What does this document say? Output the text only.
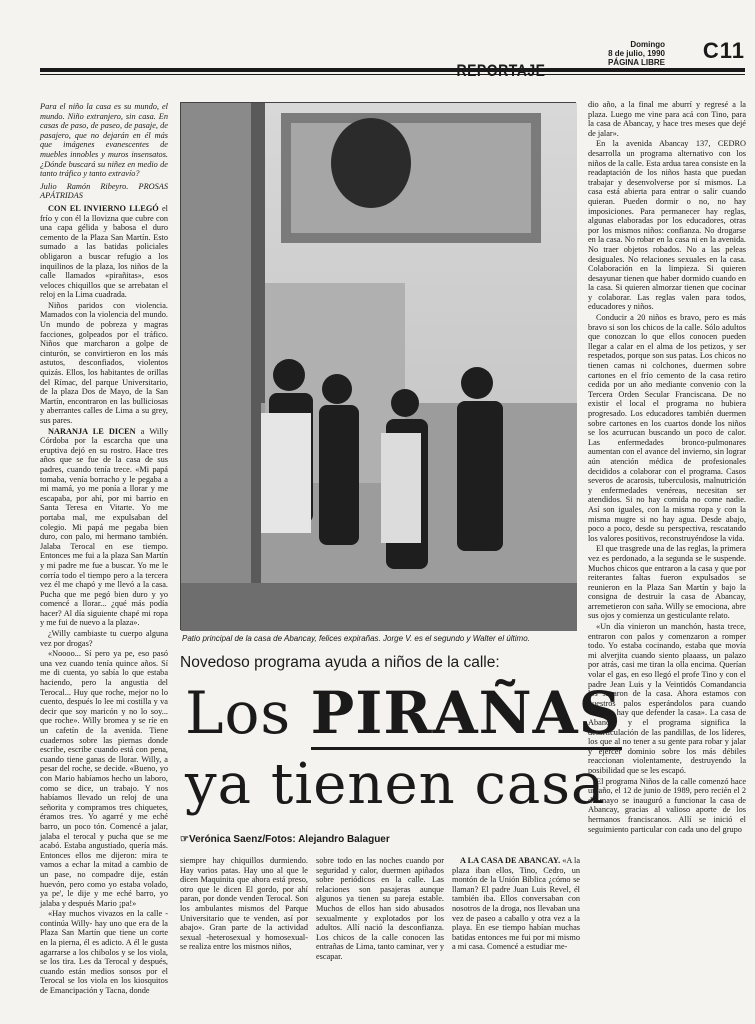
Domingo
8 de julio, 1990
PÁGINA LIBRE C11
REPORTAJE

Para el niño la casa es su mundo, el mundo. Niño extranjero, sin casa. En casas de paso, de paseo, de pasaje, de pasajero, que no dejarán en él más que imágenes evanescentes de muebles innobles y muros insensatos. ¿Dónde buscará su niñez en medio de tanto tráfico y tanto extravío?

Julio Ramón Ribeyro. PROSAS APÁTRIDAS

CON EL INVIERNO LLEGÓ el frío y con él la llovizna que cubre con una capa gélida y babosa el duro cemento de la Plaza San Martín. Esto sumado a las batidas policiales obligaron a buscar refugio a los inquilinos de la plaza, los niños de la calle llamados «pirañitas», esos veloces chiquillos que se arrebatan el reloj en la Lima cuadrada.

Niños paridos con violencia. Mamados con la violencia del mundo. Un mundo de pobreza y magras facciones, golpeados por el tráfico. Niños que marcharon a golpe de cinturón, se convirtieron en los más astutos, desconfiados, violentos quizás. Ellos, los habitantes de orillas del Rímac, del parque Universitario, de la plaza Dos de Mayo, de la San Martín, encontraron en las bulliciosas y aberrantes calles de Lima a su grey, sus pares.

NARANJA LE DICEN a Willy Córdoba por la escarcha que una eruptiva dejó en su rostro. Hace tres años que se fue de la casa de sus padres, cuando tenía trece. «Mi papá tomaba, venía borracho y le pegaba a mi mamá, yo me ponía a llorar y me escapaba, por ahí, por mi barrio en Santa Teresa en Vitarte. Yo me portaba mal, me expulsaban del colegio. Mi papá me pegaba bien duro, con palo, mi hermano también. Jalaba Terocal en ese tiempo. Entonces me fui a la plaza San Martín y mi padre me fue a buscar. Yo me le corría todo el tiempo pero a la tercera vez él me chapó y me llevó a la casa. Pucha que me pegó bien duro y yo comencé a llorar... ¿qué más podía hacer? Al día siguiente chapé mi ropa y me fui de nuevo a la plaza».

¿Willy cambiaste tu cuerpo alguna vez por drogas?

«Noooo... Sí pero ya pe, eso pasó una vez cuando tenía quince años. Sí me di cuenta, yo sabía lo que estaba haciendo, pero la angustia del Terocal... Huy que roche, mejor no lo cuento, después lo lee mi costilla y va decir que soy maricón y no lo soy... que roche». Willy bromea y se ríe en un cafetín de la avenida. Tiene cuadernos sobre las piernas donde escribe, escribe cuando está con pena, cuando tiene ganas de llorar. Willy, a pesar del roche, se decide. «Bueno, yo con Mario habíamos hecho un laboro, como se dice, un trabajo. Y nos habíamos llevado un reloj de una señorita y compramos tres chiquetes, éramos tres. Yo agarré y me eché barro, un poco tón. Comencé a jalar, jalaba el terocal y pucha que se me acabó. Estaba angustiado, quería más. Entonces ellos me dijeron: mira te vamos a echar la mitad a cambio de un pase, no compadre dije, están huevón, pero como yo estaba volado, ya pe', le dije y me eché barro, yo jalaba y después Mario ¡pa!»

«Hay muchos vivazos en la calle -continúa Willy- hay uno que era de la Plaza San Martín que tiene un corte en la pierna, él es adicto. A él le gusta agarrarse a los chibolos y se los viola, se los tira. Les da Terocal y después, cuando están medios sonsos por el Terocal se los viola en los kiosquitos de Emancipación y Tacna, donde

Patio principal de la casa de Abancay, felices expirañas. Jorge V. es el segundo y Walter el último.
Novedoso programa ayuda a niños de la calle:
Los PIRAÑAS
ya tienen casa
☞Verónica Saenz/Fotos: Alejandro Balaguer

siempre hay chiquillos durmiendo. Hay varios patas. Hay uno al que le dicen Maquinita que ahora está preso, otro que le dicen El gordo, por ahí paran, por donde venden Terocal. Son los ambulantes mismos del Parque Universitario que te venden, así por abajo». Gran parte de la actividad sexual -heterosexual y homosexual- se realiza entre los mismos niños,

sobre todo en las noches cuando por seguridad y calor, duermen apiñados sobre periódicos en la calle. Las relaciones son pasajeras aunque algunos ya tienen su pareja estable. Muchos de ellos han sido abusados sexualmente y explotados por los adultos. Allí nació la desconfianza. Los chicos de la calle conocen las entrañas de Lima, tanto caminar, ver y escapar.

A LA CASA DE ABANCAY. «A la plaza iban ellos, Tino, Cedro, un montón de la Unión Bíblica ¿cómo se llaman? El padre Juan Luis Revel, él también iba. Ellos conversaban con nosotros de la droga, nos llevaban una vez de paseo a caballo y otra vez a la playa. En ese tiempo habían muchas batidas entonces me fui por mi mismo a mi casa. Comencé a estudiar me-

dio año, a la final me aburrí y regresé a la plaza. Luego me vine para acá con Tino, para la casa de Abancay, y hace tres meses que dejé de jalar».

En la avenida Abancay 137, CEDRO desarrolla un programa alternativo con los niños de la calle. Esta ardua tarea consiste en la readaptación de los niños hasta que puedan trabajar y desenvolverse por sí mismos. La casa está abierta para entrar o salir cuando quieran. Pueden dormir o no, no hay imposiciones. Para permanecer hay reglas, algunas elaboradas por los educadores, otras por los mismos niños: confianza. No drogarse en la casa. No robar en la casa ni en la avenida. No traer objetos robados. No a las peleas desiguales. No relaciones sexuales en la casa. Colaboración en la limpieza. Si quieren desayunar tienen que haber dormido cuando en la casa. Si quieren almorzar tienen que cocinar y colaborar. Las reglas valen para todos, educadores y niños.

Conducir a 20 niños es bravo, pero es más bravo si son los chicos de la calle. Sólo adultos que conozcan lo que ellos conocen pueden llegar a calar en el alma de los petizos, y ser respetados, porque son sus patas. Los chicos no tienen camas ni colchones, duermen sobre cartones en el frío cemento de la casa retiro cedida por un año mediante convenio con la Tercera Orden Secular Franciscana. De no existir el local el programa no hubiera progresado. Los educadores también duermen sobre cartones en los cuartos donde los niños se los acurrucan buscando un poco de calor. Las enfermedades bronco-pulmonares aumentan con el avance del invierno, sin lograr aún atención médica de profesionales decididos a colaborar con el programa. Casos severos de acarosis, tuberculosis, malnutrición y enfermedades venéreas, necesitan ser atendidos. Si no hay comida no come nadie. Así son iguales, con la misma ropa y con la misma mugre si no hay agua. Desde abajo, poco a poco, desde su perspectiva, rescatando los valores positivos, reconstruyéndose la vida.

El que trasgrede una de las reglas, la primera vez es perdonado, a la segunda se le suspende. Muchos chicos que entraron a la casa y que por reiterantes faltas fueron expulsados se reunieron en la Plaza San Martín y bajo la consigna de destruir la casa de Abancay, arremetieron con saña. Willy se emociona, abre sus ojos y comienza un gesticulante relato.

«Un día vinieron un manchón, hasta trece, entraron con palos y comenzaron a romper todo. Yo estaba cocinando, estaba que movía mi alverjita cuando siento plaaass, un palazo por atrás, casi me tiran la olla encima. Querían volar el gas, en eso llegó el profe Tino y con el padre Jean Luis y la Veintidós Comandancia los sacaron de la casa. Ahora estamos con nuestros palos esperándolos para cuando vengan, hay que defender la casa». La casa de Abancay y el programa significa la desarticulación de las pandillas, de los líderes, los que al no tener a su gente para robar y jalar y ejercer dominio sobre los más débiles reaccionan violentamente, destruyendo la posibilidad que se les escapó.

El programa Niños de la calle comenzó hace un año, el 12 de junio de 1989, pero recién el 2 de mayo se inauguró a funcionar la casa de Abancay, gracias al valioso aporte de los hermanos franciscanos. Allí se inició el seguimiento particular con cada uno del grupo
